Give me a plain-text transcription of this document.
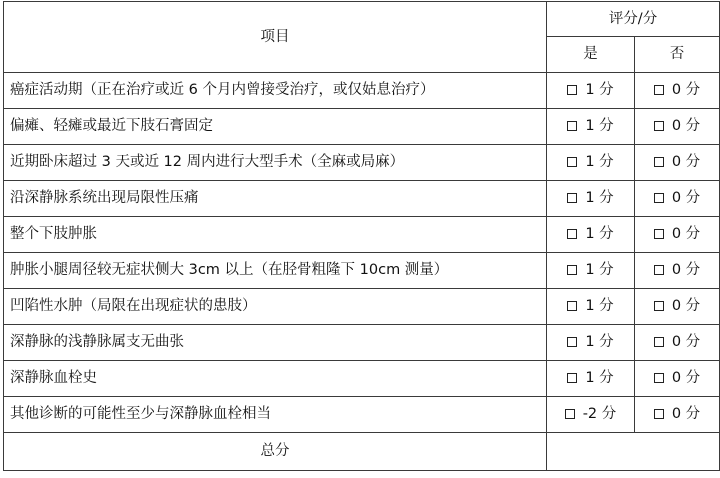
项目	评分/分	
	是	否
癌症活动期（正在治疗或近 6 个月内曾接受治疗，或仅姑息治疗）	1 分	0 分
偏瘫、轻瘫或最近下肢石膏固定	1 分	0 分
近期卧床超过 3 天或近 12 周内进行大型手术（全麻或局麻）	1 分	0 分
沿深静脉系统出现局限性压痛	1 分	0 分
整个下肢肿胀	1 分	0 分
肿胀小腿周径较无症状侧大 3cm 以上（在胫骨粗隆下 10cm 测量）	1 分	0 分
凹陷性水肿（局限在出现症状的患肢）	1 分	0 分
深静脉的浅静脉属支无曲张	1 分	0 分
深静脉血栓史	1 分	0 分
其他诊断的可能性至少与深静脉血栓相当	-2 分	0 分
总分		
